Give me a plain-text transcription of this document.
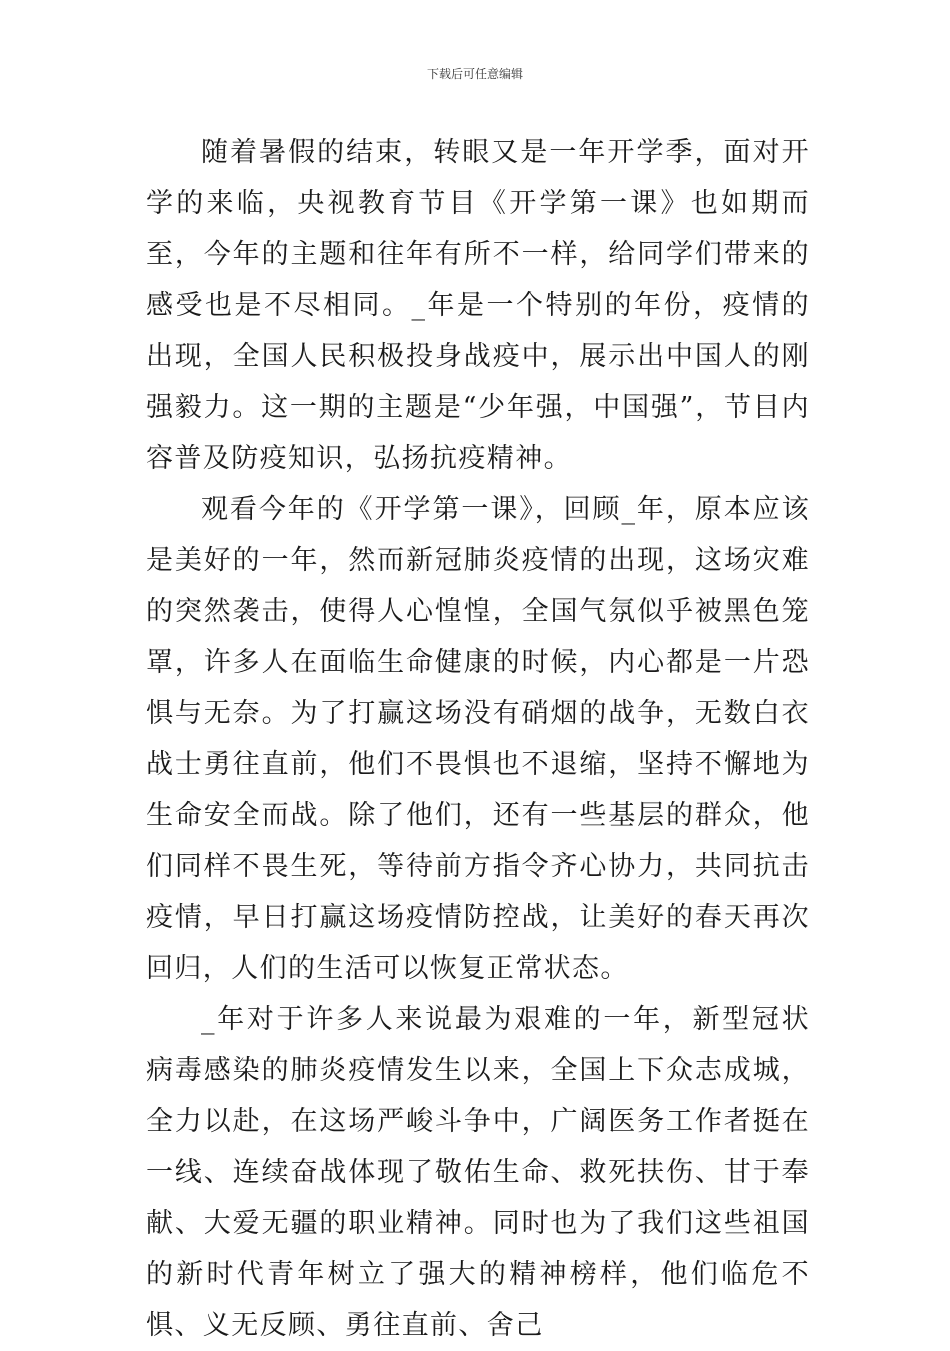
下载后可任意编辑

随着暑假的结束，转眼又是一年开学季，面对开学的来临，央视教育节目《开学第一课》也如期而至，今年的主题和往年有所不一样，给同学们带来的感受也是不尽相同。_年是一个特别的年份，疫情的出现，全国人民积极投身战疫中，展示出中国人的刚强毅力。这一期的主题是“少年强，中国强”，节目内容普及防疫知识，弘扬抗疫精神。

观看今年的《开学第一课》，回顾_年，原本应该是美好的一年，然而新冠肺炎疫情的出现，这场灾难的突然袭击，使得人心惶惶，全国气氛似乎被黑色笼罩，许多人在面临生命健康的时候，内心都是一片恐惧与无奈。为了打赢这场没有硝烟的战争，无数白衣战士勇往直前，他们不畏惧也不退缩，坚持不懈地为生命安全而战。除了他们，还有一些基层的群众，他们同样不畏生死，等待前方指令齐心协力，共同抗击疫情，早日打赢这场疫情防控战，让美好的春天再次回归，人们的生活可以恢复正常状态。

_年对于许多人来说最为艰难的一年，新型冠状病毒感染的肺炎疫情发生以来，全国上下众志成城，全力以赴，在这场严峻斗争中，广阔医务工作者挺在一线、连续奋战体现了敬佑生命、救死扶伤、甘于奉献、大爱无疆的职业精神。同时也为了我们这些祖国的新时代青年树立了强大的精神榜样，他们临危不惧、义无反顾、勇往直前、舍己
